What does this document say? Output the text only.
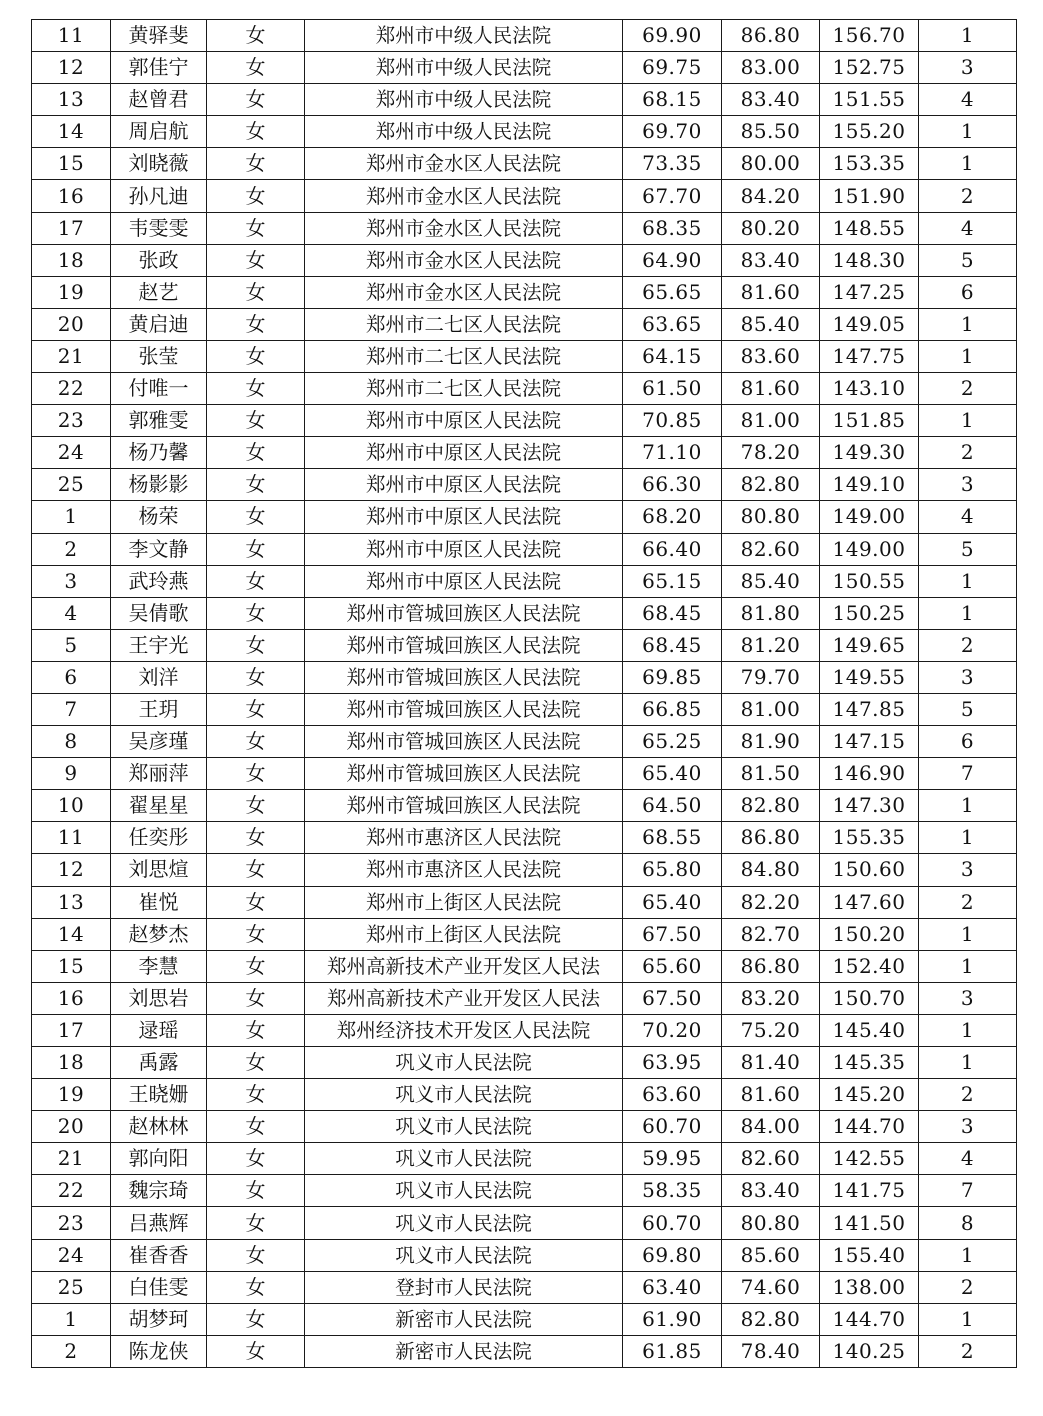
11	黄驿斐	女	郑州市中级人民法院	69.90	86.80	156.70	1
12	郭佳宁	女	郑州市中级人民法院	69.75	83.00	152.75	3
13	赵曾君	女	郑州市中级人民法院	68.15	83.40	151.55	4
14	周启航	女	郑州市中级人民法院	69.70	85.50	155.20	1
15	刘晓薇	女	郑州市金水区人民法院	73.35	80.00	153.35	1
16	孙凡迪	女	郑州市金水区人民法院	67.70	84.20	151.90	2
17	韦雯雯	女	郑州市金水区人民法院	68.35	80.20	148.55	4
18	张政	女	郑州市金水区人民法院	64.90	83.40	148.30	5
19	赵艺	女	郑州市金水区人民法院	65.65	81.60	147.25	6
20	黄启迪	女	郑州市二七区人民法院	63.65	85.40	149.05	1
21	张莹	女	郑州市二七区人民法院	64.15	83.60	147.75	1
22	付唯一	女	郑州市二七区人民法院	61.50	81.60	143.10	2
23	郭雅雯	女	郑州市中原区人民法院	70.85	81.00	151.85	1
24	杨乃馨	女	郑州市中原区人民法院	71.10	78.20	149.30	2
25	杨影影	女	郑州市中原区人民法院	66.30	82.80	149.10	3
1	杨荣	女	郑州市中原区人民法院	68.20	80.80	149.00	4
2	李文静	女	郑州市中原区人民法院	66.40	82.60	149.00	5
3	武玲燕	女	郑州市中原区人民法院	65.15	85.40	150.55	1
4	吴倩歌	女	郑州市管城回族区人民法院	68.45	81.80	150.25	1
5	王宇光	女	郑州市管城回族区人民法院	68.45	81.20	149.65	2
6	刘洋	女	郑州市管城回族区人民法院	69.85	79.70	149.55	3
7	王玥	女	郑州市管城回族区人民法院	66.85	81.00	147.85	5
8	吴彦瑾	女	郑州市管城回族区人民法院	65.25	81.90	147.15	6
9	郑丽萍	女	郑州市管城回族区人民法院	65.40	81.50	146.90	7
10	翟星星	女	郑州市管城回族区人民法院	64.50	82.80	147.30	1
11	任奕彤	女	郑州市惠济区人民法院	68.55	86.80	155.35	1
12	刘思煊	女	郑州市惠济区人民法院	65.80	84.80	150.60	3
13	崔悦	女	郑州市上街区人民法院	65.40	82.20	147.60	2
14	赵梦杰	女	郑州市上街区人民法院	67.50	82.70	150.20	1
15	李慧	女	郑州高新技术产业开发区人民法	65.60	86.80	152.40	1
16	刘思岩	女	郑州高新技术产业开发区人民法	67.50	83.20	150.70	3
17	逯瑶	女	郑州经济技术开发区人民法院	70.20	75.20	145.40	1
18	禹露	女	巩义市人民法院	63.95	81.40	145.35	1
19	王晓姗	女	巩义市人民法院	63.60	81.60	145.20	2
20	赵林林	女	巩义市人民法院	60.70	84.00	144.70	3
21	郭向阳	女	巩义市人民法院	59.95	82.60	142.55	4
22	魏宗琦	女	巩义市人民法院	58.35	83.40	141.75	7
23	吕燕辉	女	巩义市人民法院	60.70	80.80	141.50	8
24	崔香香	女	巩义市人民法院	69.80	85.60	155.40	1
25	白佳雯	女	登封市人民法院	63.40	74.60	138.00	2
1	胡梦珂	女	新密市人民法院	61.90	82.80	144.70	1
2	陈龙侠	女	新密市人民法院	61.85	78.40	140.25	2
